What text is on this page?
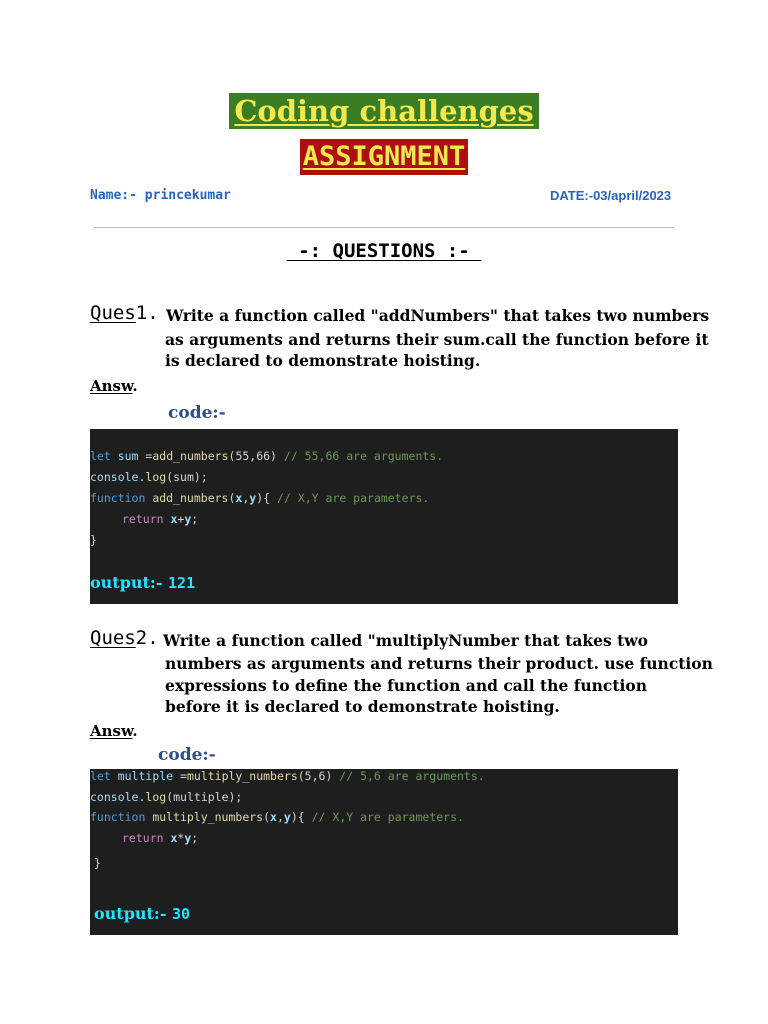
Coding challenges
ASSIGNMENT
Name:- princekumar	DATE:-03/april/2023
-: QUESTIONS :-
Ques1. Write a function called "addNumbers" that takes two numbers
as arguments and returns their sum.call the function before it
is declared to demonstrate hoisting.
Answ.
code:-
let sum =add_numbers(55,66) // 55,66 are arguments.
console.log(sum);
function add_numbers(x,y){ // X,Y are parameters.
return x+y;
}
output:- 121
Ques2. Write a function called "multiplyNumber that takes two
numbers as arguments and returns their product. use function
expressions to define the function and call the function
before it is declared to demonstrate hoisting.
Answ.
code:-
let multiple =multiply_numbers(5,6) // 5,6 are arguments.
console.log(multiple);
function multiply_numbers(x,y){ // X,Y are parameters.
return x*y;
}
output:- 30
